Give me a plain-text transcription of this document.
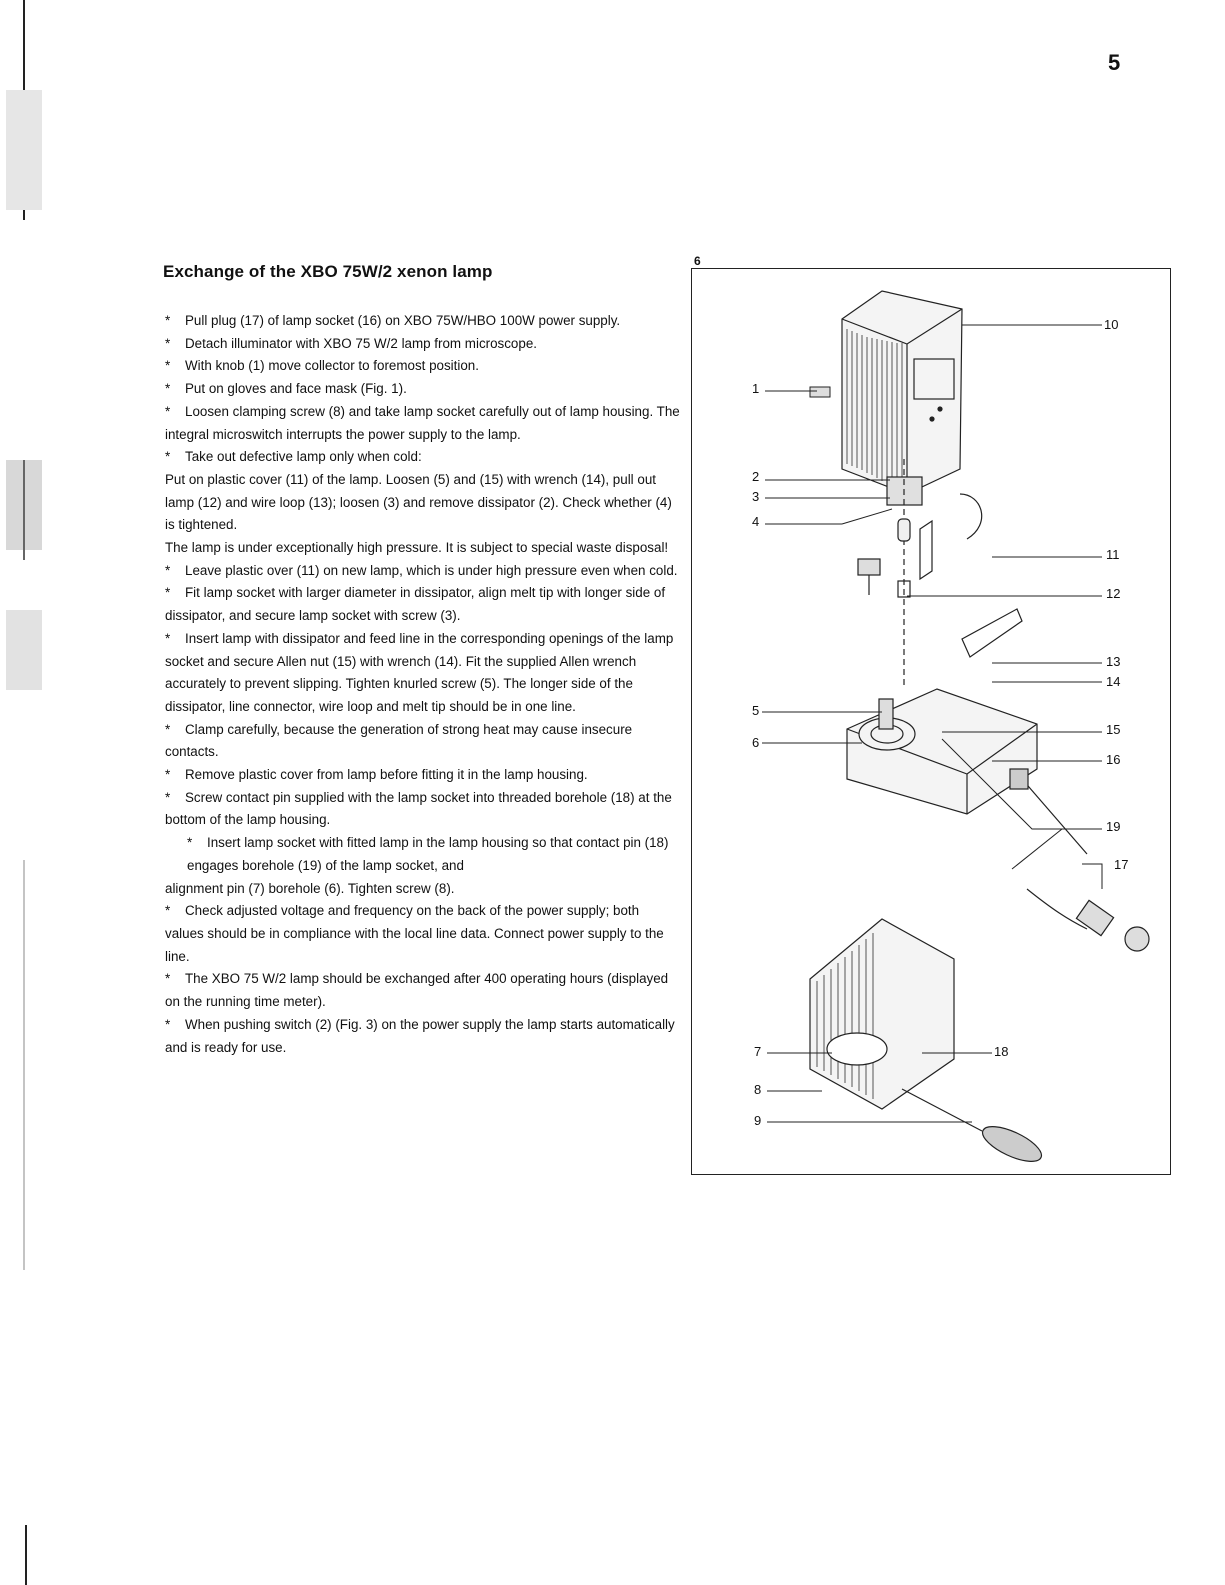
5
Exchange of the XBO 75W/2 xenon lamp

* Pull plug (17) of lamp socket (16) on XBO 75W/HBO 100W power supply.

* Detach illuminator with XBO 75 W/2 lamp from microscope.

* With knob (1) move collector to foremost position.

* Put on gloves and face mask (Fig. 1).

* Loosen clamping screw (8) and take lamp socket carefully out of lamp housing. The integral microswitch interrupts the power supply to the lamp.

* Take out defective lamp only when cold:

Put on plastic cover (11) of the lamp. Loosen (5) and (15) with wrench (14), pull out lamp (12) and wire loop (13); loosen (3) and remove dissipator (2). Check whether (4) is tightened.

The lamp is under exceptionally high pressure. It is subject to special waste disposal!

* Leave plastic over (11) on new lamp, which is under high pressure even when cold.

* Fit lamp socket with larger diameter in dissipator, align melt tip with longer side of dissipator, and secure lamp socket with screw (3).

* Insert lamp with dissipator and feed line in the corresponding openings of the lamp socket and secure Allen nut (15) with wrench (14). Fit the supplied Allen wrench accurately to prevent slipping. Tighten knurled screw (5). The longer side of the dissipator, line connector, wire loop and melt tip should be in one line.

* Clamp carefully, because the generation of strong heat may cause insecure contacts.

* Remove plastic cover from lamp before fitting it in the lamp housing.

* Screw contact pin supplied with the lamp socket into threaded borehole (18) at the bottom of the lamp housing.

* Insert lamp socket with fitted lamp in the lamp housing so that contact pin (18) engages borehole (19) of the lamp socket, and

alignment pin (7) borehole (6). Tighten screw (8).

* Check adjusted voltage and frequency on the back of the power supply; both values should be in compliance with the local line data. Connect power supply to the line.

* The XBO 75 W/2 lamp should be exchanged after 400 operating hours (displayed on the running time meter).

* When pushing switch (2) (Fig. 3) on the power supply the lamp starts automatically and is ready for use.

6
1
2
3
4
5
6
7
8
9
10
11
12
13
14
15
16
17
18
19
